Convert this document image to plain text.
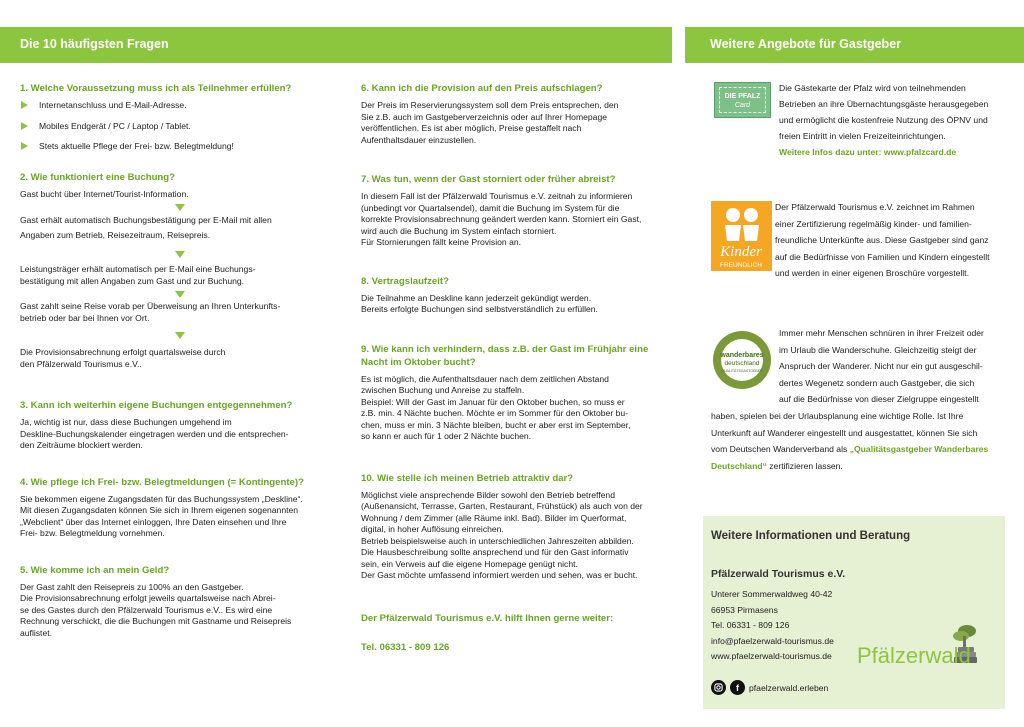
Die 10 häufigsten Fragen	Weitere Angebote für Gastgeber

1. Welche Voraussetzung muss ich als Teilnehmer erfüllen?

Internetanschluss und E-Mail-Adresse.
Mobiles Endgerät / PC / Laptop / Tablet.
Stets aktuelle Pflege der Frei- bzw. Belegtmeldung!

2. Wie funktioniert eine Buchung?

Gast bucht über Internet/Tourist-Information.

Gast erhält automatisch Buchungsbestätigung per E-Mail mit allen

Angaben zum Betrieb, Reisezeitraum, Reisepreis.

Leistungsträger erhält automatisch per E-Mail eine Buchungs-

bestätigung mit allen Angaben zum Gast und zur Buchung.

Gast zahlt seine Reise vorab per Überweisung an Ihren Unterkunfts-

betrieb oder bar bei Ihnen vor Ort.

Die Provisionsabrechnung erfolgt quartalsweise durch

den Pfälzerwald Tourismus e.V..

3. Kann ich weiterhin eigene Buchungen entgegennehmen?

Ja, wichtig ist nur, dass diese Buchungen umgehend im

Deskline-Buchungskalender eingetragen werden und die entsprechen-

den Zeiträume blockiert werden.

4. Wie pflege ich Frei- bzw. Belegtmeldungen (= Kontingente)?

Sie bekommen eigene Zugangsdaten für das Buchungssystem „Deskline“.

Mit diesen Zugangsdaten können Sie sich in Ihrem eigenen sogenannten

„Webclient“ über das Internet einloggen, Ihre Daten einsehen und Ihre

Frei- bzw. Belegtmeldung vornehmen.

5. Wie komme ich an mein Geld?

Der Gast zahlt den Reisepreis zu 100% an den Gastgeber.

Die Provisionsabrechnung erfolgt jeweils quartalsweise nach Abrei-

se des Gastes durch den Pfälzerwald Tourismus e.V.. Es wird eine

Rechnung verschickt, die die Buchungen mit Gastname und Reisepreis

auflistet.

6. Kann ich die Provision auf den Preis aufschlagen?

Der Preis im Reservierungssystem soll dem Preis entsprechen, den

Sie z.B. auch im Gastgeberverzeichnis oder auf Ihrer Homepage

veröffentlichen. Es ist aber möglich, Preise gestaffelt nach

Aufenthaltsdauer einzustellen.

7. Was tun, wenn der Gast storniert oder früher abreist?

In diesem Fall ist der Pfälzerwald Tourismus e.V. zeitnah zu informieren

(unbedingt vor Quartalsendel), damit die Buchung im System für die

korrekte Provisionsabrechnung geändert werden kann. Storniert ein Gast,

wird auch die Buchung im System einfach storniert.

Für Stornierungen fällt keine Provision an.

8. Vertragslaufzeit?

Die Teilnahme an Deskline kann jederzeit gekündigt werden.

Bereits erfolgte Buchungen sind selbstverständlich zu erfüllen.

9. Wie kann ich verhindern, dass z.B. der Gast im Frühjahr eine

Nacht im Oktober bucht?

Es ist möglich, die Aufenthaltsdauer nach dem zeitlichen Abstand

zwischen Buchung und Anreise zu staffeln.

Beispiel: Will der Gast im Januar für den Oktober buchen, so muss er

z.B. min. 4 Nächte buchen. Möchte er im Sommer für den Oktober bu-

chen, muss er min. 3 Nächte bleiben, bucht er aber erst im September,

so kann er auch für 1 oder 2 Nächte buchen.

10. Wie stelle ich meinen Betrieb attraktiv dar?

Möglichst viele ansprechende Bilder sowohl den Betrieb betreffend

(Außenansicht, Terrasse, Garten, Restaurant, Frühstück) als auch von der

Wohnung / dem Zimmer (alle Räume inkl. Bad). Bilder im Querformat,

digital, in hoher Auflösung einreichen.

Betrieb beispielsweise auch in unterschiedlichen Jahreszeiten abbilden.

Die Hausbeschreibung sollte ansprechend und für den Gast informativ

sein, ein Verweis auf die eigene Homepage genügt nicht.

Der Gast möchte umfassend informiert werden und sehen, was er bucht.

Der Pfälzerwald Tourismus e.V. hilft Ihnen gerne weiter:

Tel. 06331 - 809 126

DIE PFALZ
Card

Die Gästekarte der Pfalz wird von teilnehmenden

Betrieben an ihre Übernachtungsgäste herausgegeben

und ermöglicht die kostenfreie Nutzung des ÖPNV und

freien Eintritt in vielen Freizeiteinrichtungen.

Weitere Infos dazu unter: www.pfalzcard.de

Kinder
FREUNDLICH

Der Pfälzerwald Tourismus e.V. zeichnet im Rahmen

einer Zertifizierung regelmäßig kinder- und familien-

freundliche Unterkünfte aus. Diese Gastgeber sind ganz

auf die Bedürfnisse von Familien und Kindern eingestellt

und werden in einer eigenen Broschüre vorgestellt.

wanderbares
deutschland
QUALITÄTSGASTGEBER

Immer mehr Menschen schnüren in ihrer Freizeit oder

im Urlaub die Wanderschuhe. Gleichzeitig steigt der

Anspruch der Wanderer. Nicht nur ein gut ausgeschil-

dertes Wegenetz sondern auch Gastgeber, die sich

auf die Bedürfnisse von dieser Zielgruppe eingestellt

haben, spielen bei der Urlaubsplanung eine wichtige Rolle. Ist Ihre

Unterkunft auf Wanderer eingestellt und ausgestattet, können Sie sich

vom Deutschen Wanderverband als „Qualitätsgastgeber Wanderbares

Deutschland“ zertifizieren lassen.

Weitere Informationen und Beratung
Pfälzerwald Tourismus e.V.

Unterer Sommerwaldweg 40-42

66953 Pirmasens

Tel. 06331 - 809 126

info@pfaelzerwald-tourismus.de

www.pfaelzerwald-tourismus.de

f	pfaelzerwald.erleben
Pfälzerwald
